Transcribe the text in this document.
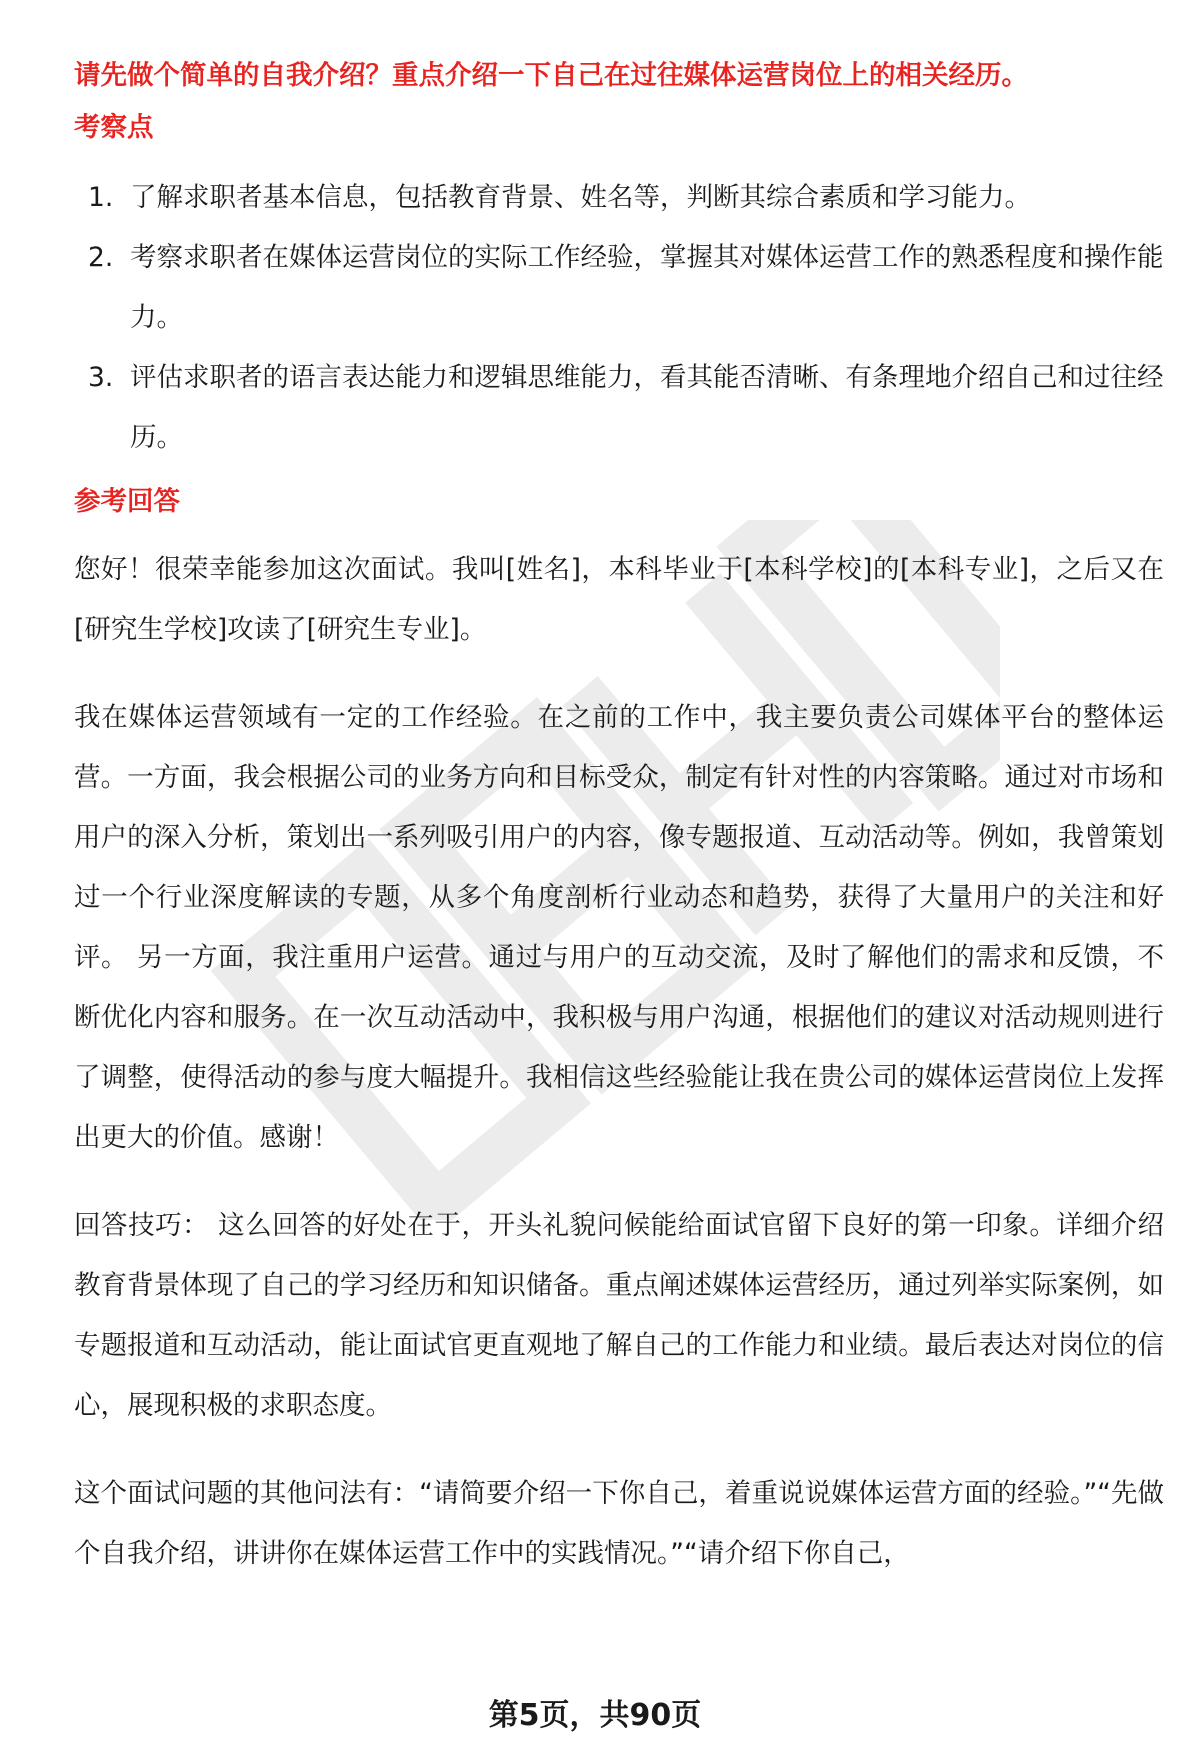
请先做个简单的自我介绍？重点介绍一下自己在过往媒体运营岗位上的相关经历。

考察点

1. 了解求职者基本信息，包括教育背景、姓名等，判断其综合素质和学习能力。
2. 考察求职者在媒体运营岗位的实际工作经验，掌握其对媒体运营工作的熟悉程度和操作能力。
3. 评估求职者的语言表达能力和逻辑思维能力，看其能否清晰、有条理地介绍自己和过往经历。

参考回答

您好！很荣幸能参加这次面试。我叫[姓名]，本科毕业于[本科学校]的[本科专业]，之后又在[研究生学校]攻读了[研究生专业]。

我在媒体运营领域有一定的工作经验。在之前的工作中，我主要负责公司媒体平台的整体运营。一方面，我会根据公司的业务方向和目标受众，制定有针对性的内容策略。通过对市场和用户的深入分析，策划出一系列吸引用户的内容，像专题报道、互动活动等。例如，我曾策划过一个行业深度解读的专题，从多个角度剖析行业动态和趋势，获得了大量用户的关注和好评。 另一方面，我注重用户运营。通过与用户的互动交流，及时了解他们的需求和反馈，不断优化内容和服务。在一次互动活动中，我积极与用户沟通，根据他们的建议对活动规则进行了调整，使得活动的参与度大幅提升。我相信这些经验能让我在贵公司的媒体运营岗位上发挥出更大的价值。感谢！

回答技巧： 这么回答的好处在于，开头礼貌问候能给面试官留下良好的第一印象。详细介绍教育背景体现了自己的学习经历和知识储备。重点阐述媒体运营经历，通过列举实际案例，如专题报道和互动活动，能让面试官更直观地了解自己的工作能力和业绩。最后表达对岗位的信心，展现积极的求职态度。

这个面试问题的其他问法有：“请简要介绍一下你自己，着重说说媒体运营方面的经验。”“先做个自我介绍，讲讲你在媒体运营工作中的实践情况。”“请介绍下你自己，

第5页，共90页
